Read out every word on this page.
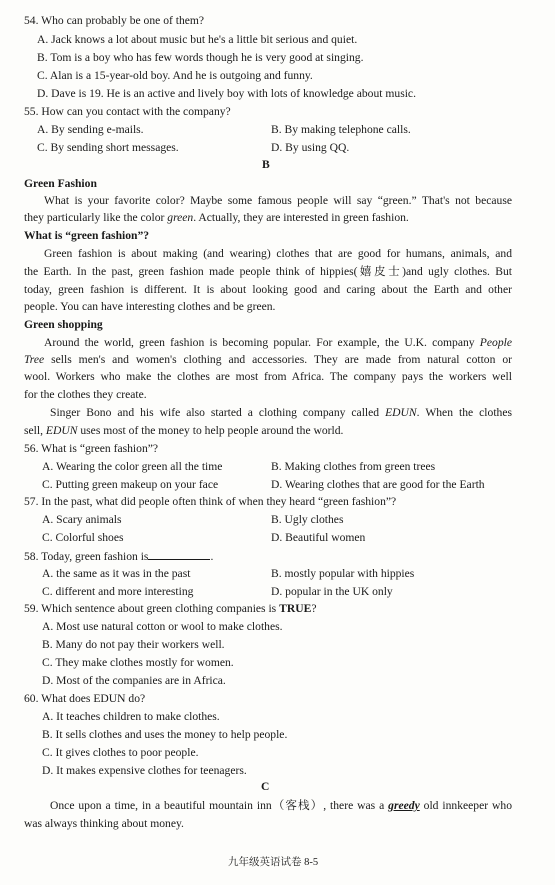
54. Who can probably be one of them?
A. Jack knows a lot about music but he's a little bit serious and quiet.
B. Tom is a boy who has few words though he is very good at singing.
C. Alan is a 15-year-old boy. And he is outgoing and funny.
D. Dave is 19. He is an active and lively boy with lots of knowledge about music.
55. How can you contact with the company?
A. By sending e-mails.	B. By making telephone calls.
C. By sending short messages.	D. By using QQ.
B
Green Fashion
What is your favorite color? Maybe some famous people will say “green.” That's not because
they particularly like the color green. Actually, they are interested in green fashion.
What is “green fashion”?
Green fashion is about making (and wearing) clothes that are good for humans, animals, and
the Earth. In the past, green fashion made people think of hippies(嬉皮士)and ugly clothes. But
today, green fashion is different. It is about looking good and caring about the Earth and other
people. You can have interesting clothes and be green.
Green shopping
Around the world, green fashion is becoming popular. For example, the U.K. company People
Tree sells men's and women's clothing and accessories. They are made from natural cotton or
wool. Workers who make the clothes are most from Africa. The company pays the workers well
for the clothes they create.
Singer Bono and his wife also started a clothing company called EDUN. When the clothes
sell, EDUN uses most of the money to help people around the world.
56. What is “green fashion”?
A. Wearing the color green all the time	B. Making clothes from green trees
C. Putting green makeup on your face	D. Wearing clothes that are good for the Earth
57. In the past, what did people often think of when they heard “green fashion”?
A. Scary animals	B. Ugly clothes
C. Colorful shoes	D. Beautiful women
58. Today, green fashion is	.
A. the same as it was in the past	B. mostly popular with hippies
C. different and more interesting	D. popular in the UK only
59. Which sentence about green clothing companies is TRUE?
A. Most use natural cotton or wool to make clothes.
B. Many do not pay their workers well.
C. They make clothes mostly for women.
D. Most of the companies are in Africa.
60. What does EDUN do?
A. It teaches children to make clothes.
B. It sells clothes and uses the money to help people.
C. It gives clothes to poor people.
D. It makes expensive clothes for teenagers.
C
Once upon a time, in a beautiful mountain inn（客栈）, there was a greedy old innkeeper who
was always thinking about money.
九年级英语试卷 8-5
